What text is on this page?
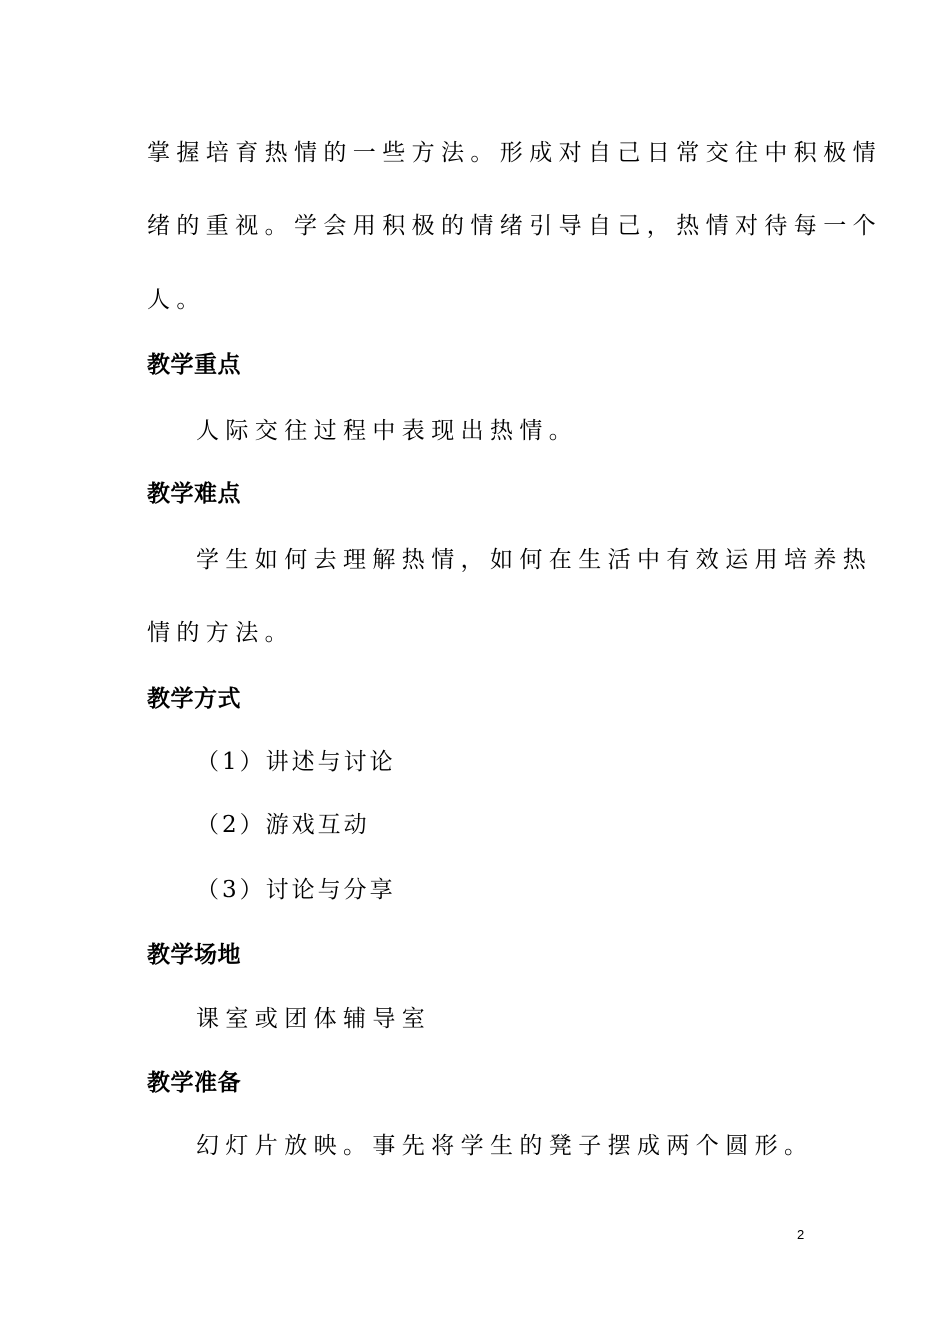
掌握培育热情的一些方法。形成对自己日常交往中积极情
绪的重视。学会用积极的情绪引导自己，热情对待每一个
人。
教学重点
人际交往过程中表现出热情。
教学难点
学生如何去理解热情，如何在生活中有效运用培养热
情的方法。
教学方式
（1）讲述与讨论
（2）游戏互动
（3）讨论与分享
教学场地
课室或团体辅导室
教学准备
幻灯片放映。事先将学生的凳子摆成两个圆形。
2
